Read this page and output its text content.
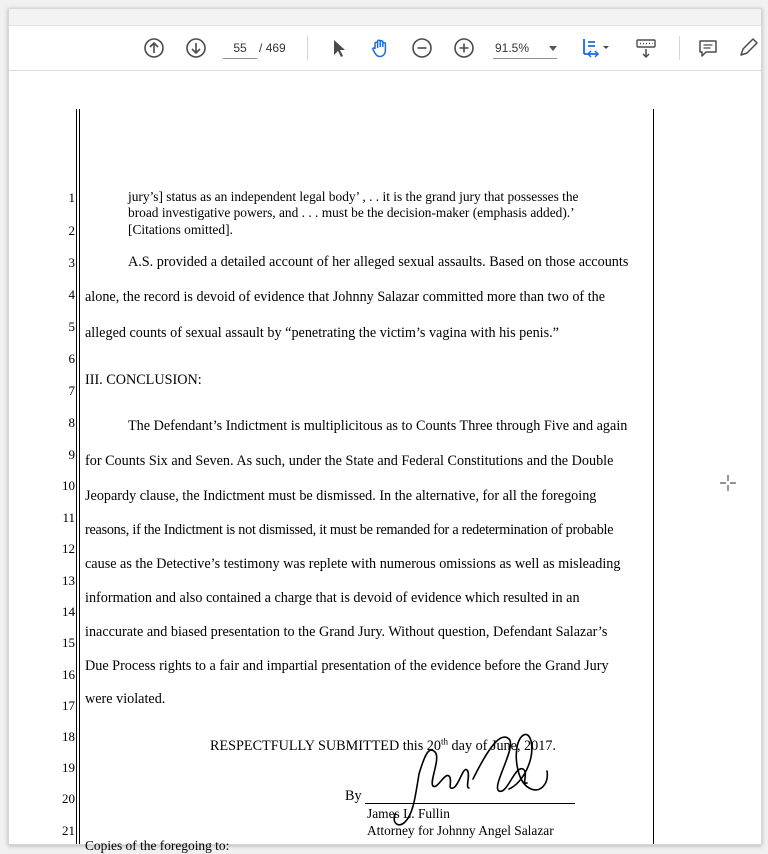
55	/ 469	91.5%
1
2
3
4
5
6
7
8
9
10
11
12
13
14
15
16
17
18
19
20
21
jury’s] status as an independent legal body’ , . . it is the grand jury that possesses the
broad investigative powers, and . . . must be the decision-maker (emphasis added).’
[Citations omitted].
A.S. provided a detailed account of her alleged sexual assaults. Based on those accounts
alone, the record is devoid of evidence that Johnny Salazar committed more than two of the
alleged counts of sexual assault by “penetrating the victim’s vagina with his penis.”
III. CONCLUSION:
The Defendant’s Indictment is multiplicitous as to Counts Three through Five and again
for Counts Six and Seven. As such, under the State and Federal Constitutions and the Double
Jeopardy clause, the Indictment must be dismissed. In the alternative, for all the foregoing
reasons, if the Indictment is not dismissed, it must be remanded for a redetermination of probable
cause as the Detective’s testimony was replete with numerous omissions as well as misleading
information and also contained a charge that is devoid of evidence which resulted in an
inaccurate and biased presentation to the Grand Jury. Without question, Defendant Salazar’s
Due Process rights to a fair and impartial presentation of the evidence before the Grand Jury
were violated.
RESPECTFULLY SUBMITTED this 20th day of June, 2017.
By
James L. Fullin
Attorney for Johnny Angel Salazar
Copies of the foregoing to:
